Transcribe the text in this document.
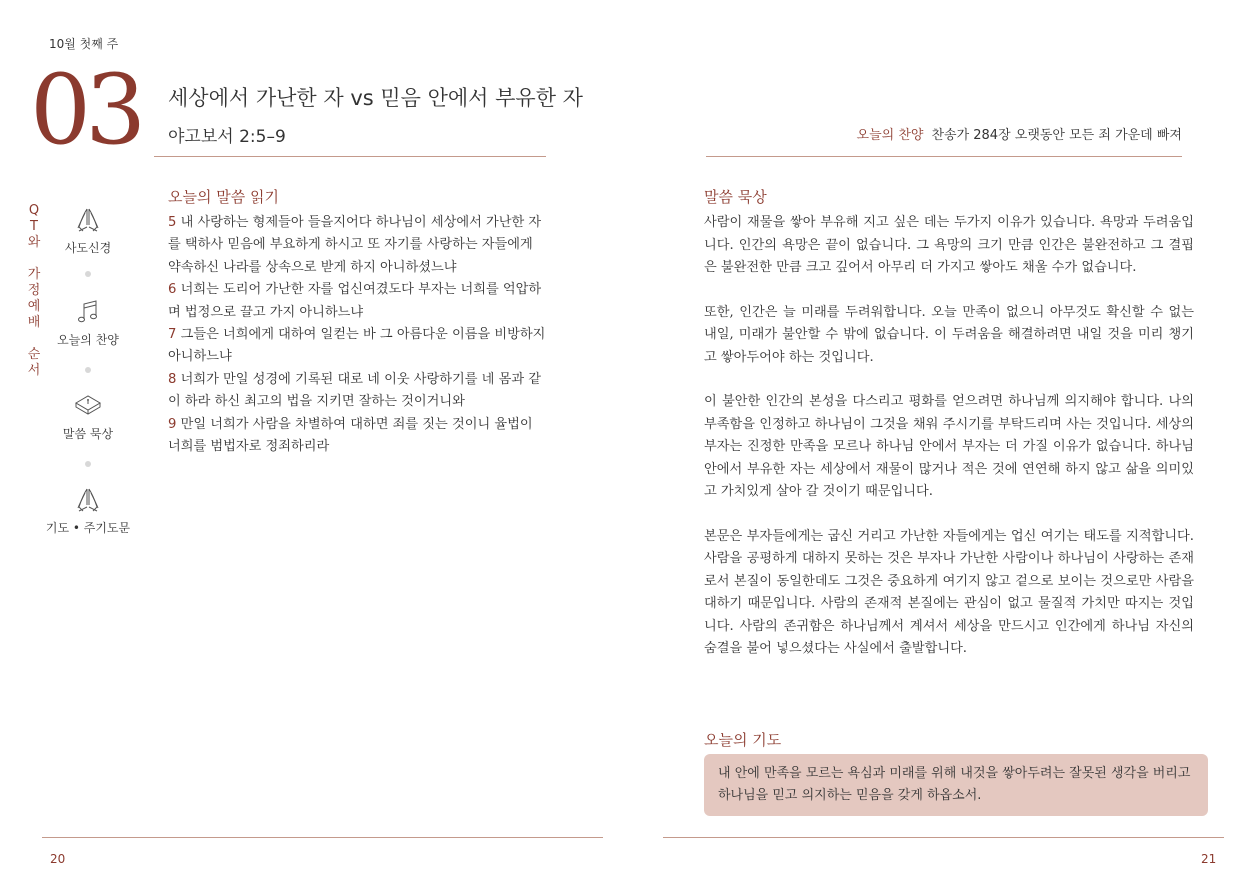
10월 첫째 주
03 세상에서 가난한 자 vs 믿음 안에서 부유한 자
야고보서 2:5–9	오늘의 찬양 찬송가 284장 오랫동안 모든 죄 가운데 빠져
Q
T
와
가
정
예
배
순
서
사도신경
오늘의 찬양
말씀 묵상
기도 • 주기도문
오늘의 말씀 읽기
5 내 사랑하는 형제들아 들을지어다 하나님이 세상에서 가난한 자를 택하사 믿음에 부요하게 하시고 또 자기를 사랑하는 자들에게 약속하신 나라를 상속으로 받게 하지 아니하셨느냐
6 너희는 도리어 가난한 자를 업신여겼도다 부자는 너희를 억압하며 법정으로 끌고 가지 아니하느냐
7 그들은 너희에게 대하여 일컫는 바 그 아름다운 이름을 비방하지 아니하느냐
8 너희가 만일 성경에 기록된 대로 네 이웃 사랑하기를 네 몸과 같이 하라 하신 최고의 법을 지키면 잘하는 것이거니와
9 만일 너희가 사람을 차별하여 대하면 죄를 짓는 것이니 율법이 너희를 범법자로 정죄하리라
말씀 묵상

사람이 재물을 쌓아 부유해 지고 싶은 데는 두가지 이유가 있습니다. 욕망과 두려움입니다. 인간의 욕망은 끝이 없습니다. 그 욕망의 크기 만큼 인간은 불완전하고 그 결핍은 불완전한 만큼 크고 깊어서 아무리 더 가지고 쌓아도 채울 수가 없습니다.

또한, 인간은 늘 미래를 두려워합니다. 오늘 만족이 없으니 아무것도 확신할 수 없는 내일, 미래가 불안할 수 밖에 없습니다. 이 두려움을 해결하려면 내일 것을 미리 챙기고 쌓아두어야 하는 것입니다.

이 불안한 인간의 본성을 다스리고 평화를 얻으려면 하나님께 의지해야 합니다. 나의 부족함을 인정하고 하나님이 그것을 채워 주시기를 부탁드리며 사는 것입니다. 세상의 부자는 진정한 만족을 모르나 하나님 안에서 부자는 더 가질 이유가 없습니다. 하나님 안에서 부유한 자는 세상에서 재물이 많거나 적은 것에 연연해 하지 않고 삶을 의미있고 가치있게 살아 갈 것이기 때문입니다.

본문은 부자들에게는 굽신 거리고 가난한 자들에게는 업신 여기는 태도를 지적합니다. 사람을 공평하게 대하지 못하는 것은 부자나 가난한 사람이나 하나님이 사랑하는 존재로서 본질이 동일한데도 그것은 중요하게 여기지 않고 겉으로 보이는 것으로만 사람을 대하기 때문입니다. 사람의 존재적 본질에는 관심이 없고 물질적 가치만 따지는 것입니다. 사람의 존귀함은 하나님께서 계셔서 세상을 만드시고 인간에게 하나님 자신의 숨결을 불어 넣으셨다는 사실에서 출발합니다.

오늘의 기도
내 안에 만족을 모르는 욕심과 미래를 위해 내것을 쌓아두려는 잘못된 생각을 버리고 하나님을 믿고 의지하는 믿음을 갖게 하옵소서.
20	21
